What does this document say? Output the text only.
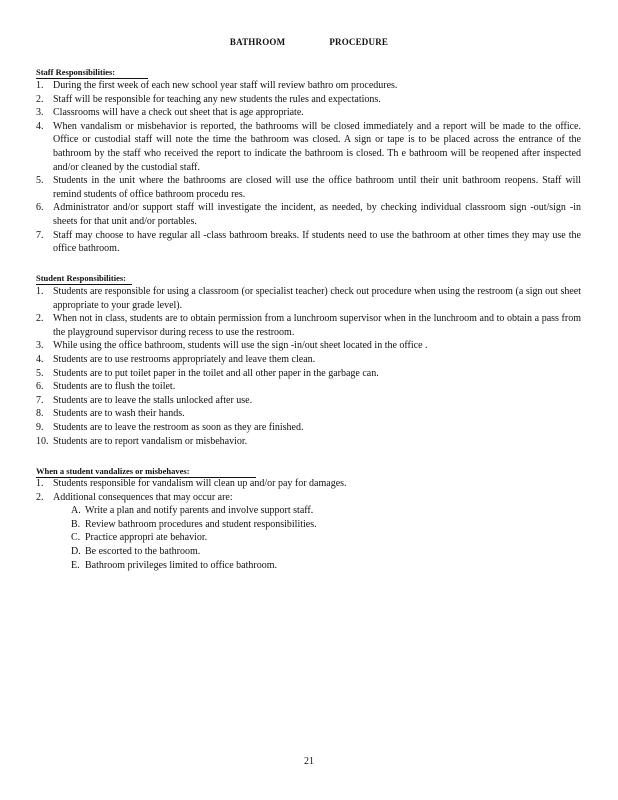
BATHROOM	PROCEDURE
Staff Responsibilities:
1. During the first week of each new school year staff will review bathro om procedures.
2. Staff will be responsible for teaching any new students the rules and expectations.
3. Classrooms will have a check out sheet that is age appropriate.
4. When vandalism or misbehavior is reported, the bathrooms will be closed immediately and a report will be made to the office. Office or custodial staff will note the time the bathroom was closed. A sign or tape is to be placed across the entrance of the bathroom by the staff who received the report to indicate the bathroom is closed. Th e bathroom will be reopened after inspected and/or cleaned by the custodial staff.
5. Students in the unit where the bathrooms are closed will use the office bathroom until their unit bathroom reopens. Staff will remind students of office bathroom procedu res.
6. Administrator and/or support staff will investigate the incident, as needed, by checking individual classroom sign -out/sign -in sheets for that unit and/or portables.
7. Staff may choose to have regular all -class bathroom breaks. If students need to use the bathroom at other times they may use the office bathroom.
Student Responsibilities:
1. Students are responsible for using a classroom (or specialist teacher) check out procedure when using the restroom (a sign out sheet appropriate to your grade level).
2. When not in class, students are to obtain permission from a lunchroom supervisor when in the lunchroom and to obtain a pass from the playground supervisor during recess to use the restroom.
3. While using the office bathroom, students will use the sign -in/out sheet located in the office .
4. Students are to use restrooms appropriately and leave them clean.
5. Students are to put toilet paper in the toilet and all other paper in the garbage can.
6. Students are to flush the toilet.
7. Students are to leave the stalls unlocked after use.
8. Students are to wash their hands.
9. Students are to leave the restroom as soon as they are finished.
10. Students are to report vandalism or misbehavior.
When a student vandalizes or misbehaves:
1. Students responsible for vandalism will clean up and/or pay for damages.
2. Additional consequences that may occur are:
A. Write a plan and notify parents and involve support staff.
B. Review bathroom procedures and student responsibilities.
C. Practice appropri ate behavior.
D. Be escorted to the bathroom.
E. Bathroom privileges limited to office bathroom.
21
